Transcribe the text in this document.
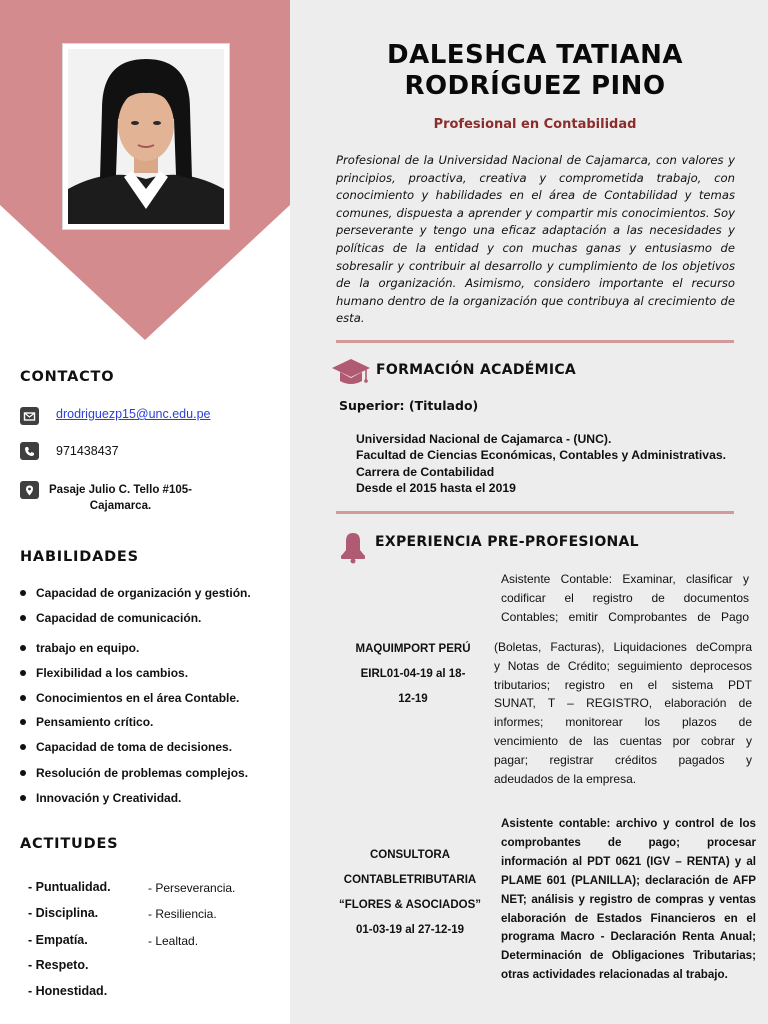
CONTACTO
drodriguezp15@unc.edu.pe
971438437
Pasaje Julio C. Tello #105-
Cajamarca.
HABILIDADES
Capacidad de organización y gestión.
Capacidad de comunicación.
trabajo en equipo.
Flexibilidad a los cambios.
Conocimientos en el área Contable.
Pensamiento crítico.
Capacidad de toma de decisiones.
Resolución de problemas complejos.
Innovación y Creatividad.
ACTITUDES
- Puntualidad.
- Disciplina.
- Empatía.
- Respeto.
- Honestidad.
- Perseverancia.
- Resiliencia.
- Lealtad.
DALESHCA TATIANA
RODRÍGUEZ PINO
Profesional en Contabilidad
Profesional de la Universidad Nacional de Cajamarca, con valores y principios, proactiva, creativa y comprometida trabajo, con conocimiento y habilidades en el área de Contabilidad y temas comunes, dispuesta a aprender y compartir mis conocimientos. Soy perseverante y tengo una eficaz adaptación a las necesidades y políticas de la entidad y con muchas ganas y entusiasmo de sobresalir y contribuir al desarrollo y cumplimiento de los objetivos de la organización. Asimismo, considero importante el recurso humano dentro de la organización que contribuya al crecimiento de esta.
FORMACIÓN ACADÉMICA
Superior: (Titulado)
Universidad Nacional de Cajamarca - (UNC).
Facultad de Ciencias Económicas, Contables y Administrativas.
Carrera de Contabilidad
Desde el 2015 hasta el 2019
EXPERIENCIA PRE-PROFESIONAL
MAQUIMPORT PERÚ
EIRL01-04-19 al 18-
12-19
Asistente Contable: Examinar, clasificar y
codificar el registro de documentos
Contables; emitir Comprobantes de Pago
(Boletas, Facturas), Liquidaciones deCompra
y Notas de Crédito; seguimiento deprocesos
tributarios; registro en el sistema PDT
SUNAT, T – REGISTRO, elaboración de
informes; monitorear los plazos de
vencimiento de las cuentas por cobrar y
pagar; registrar créditos pagados y
adeudados de la empresa.
CONSULTORA
CONTABLETRIBUTARIA
“FLORES & ASOCIADOS”
01-03-19 al 27-12-19
Asistente contable: archivo y control de los
comprobantes de pago; procesar
información al PDT 0621 (IGV – RENTA) y al
PLAME 601 (PLANILLA); declaración de AFP
NET; análisis y registro de compras y ventas
elaboración de Estados Financieros en el
programa Macro - Declaración Renta Anual;
Determinación de Obligaciones Tributarias;
otras actividades relacionadas al trabajo.
